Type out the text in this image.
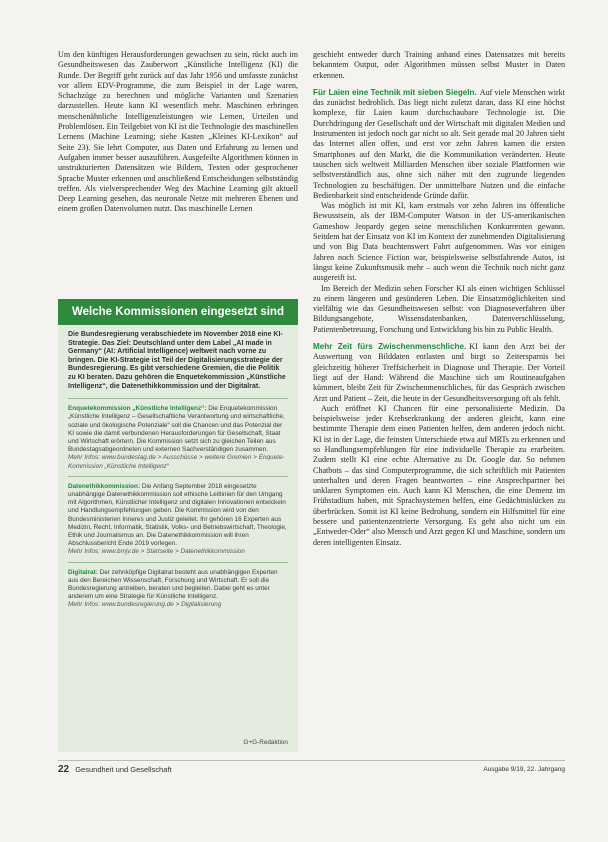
Um den künftigen Herausforderungen gewachsen zu sein, rückt auch im Gesundheitswesen das Zauberwort „Künstliche Intelligenz (KI) die Runde. Der Begriff geht zurück auf das Jahr 1956 und umfasste zunächst vor allem EDV-Programme, die zum Beispiel in der Lage waren, Schachzüge zu berechnen und mögliche Varianten und Szenarien darzustellen. Heute kann KI wesentlich mehr. Maschinen erbringen menschenähnliche Intelligenzleistungen wie Lernen, Urteilen und Problemlösen. Ein Teilgebiet von KI ist die Technologie des maschinellen Lernens (Machine Learning; siehe Kasten „Kleines KI-Lexikon“ auf Seite 23). Sie lehrt Computer, aus Daten und Erfahrung zu lernen und Aufgaben immer besser auszuführen. Ausgefeilte Algorithmen können in unstrukturierten Datensätzen wie Bildern, Texten oder gesprochener Sprache Muster erkennen und anschließend Entscheidungen selbstständig treffen. Als vielversprechender Weg des Machine Learning gilt aktuell Deep Learning gesehen, das neuronale Netze mit mehreren Ebenen und einem großen Datenvolumen nutzt. Das maschinelle Lernen

Welche Kommissionen eingesetzt sind
Die Bundesregierung verabschiedete im November 2018 eine KI-Strategie. Das Ziel: Deutschland unter dem Label „AI made in Germany“ (AI: Artificial Intelligence) weltweit nach vorne zu bringen. Die KI-Strategie ist Teil der Digitalisierungsstrategie der Bundesregierung. Es gibt verschiedene Gremien, die die Politik zu KI beraten. Dazu gehören die Enquetekommission „Künstliche Intelligenz“, die Datenethikkommission und der Digitalrat.
Enquetekommission „Künstliche Intelligenz“: Die Enquetekommission „Künstliche Intelligenz – Gesellschaftliche Verantwortung und wirtschaftliche, soziale und ökologische Potenziale“ soll die Chancen und das Potenzial der KI sowie die damit verbundenen Herausforderungen für Gesellschaft, Staat und Wirtschaft erörtern. Die Kommission setzt sich zu gleichen Teilen aus Bundestagsabgeordneten und externen Sachverständigen zusammen.
Mehr Infos: www.bundestag.de > Ausschüsse > weitere Gremien > Enquete-Kommission „Künstliche Intelligenz“
Datenethikkommission: Die Anfang September 2018 eingesetzte unabhängige Datenethikkommission soll ethische Leitlinien für den Umgang mit Algorithmen, Künstlicher Intelligenz und digitalen Innovationen entwickeln und Handlungsempfehlungen geben. Die Kommission wird von den Bundesministerien Inneres und Justiz geleitet. Ihr gehören 16 Experten aus Medizin, Recht, Informatik, Statistik, Volks- und Betriebswirtschaft, Theologie, Ethik und Journalismus an. Die Datenethikkommission will ihren Abschlussbericht Ende 2019 vorlegen.
Mehr Infos: www.bmjv.de > Startseite > Datenethikkommission
Digitalrat: Der zehnköpfige Digitalrat besteht aus unabhängigen Experten aus den Bereichen Wissenschaft, Forschung und Wirtschaft. Er soll die Bundesregierung antreiben, beraten und begleiten. Dabei geht es unter anderem um eine Strategie für Künstliche Intelligenz.
Mehr Infos: www.bundesregierung.de > Digitalisierung
G+G-Redaktion

geschieht entweder durch Training anhand eines Datensatzes mit bereits bekanntem Output, oder Algorithmen müssen selbst Muster in Daten erkennen.

Für Laien eine Technik mit sieben Siegeln. Auf viele Menschen wirkt das zunächst bedrohlich. Das liegt nicht zuletzt daran, dass KI eine höchst komplexe, für Laien kaum durchschaubare Technologie ist. Die Durchdringung der Gesellschaft und der Wirtschaft mit digitalen Medien und Instrumenten ist jedoch noch gar nicht so alt. Seit gerade mal 20 Jahren sieht das Internet allen offen, und erst vor zehn Jahren kamen die ersten Smartphones auf den Markt, die die Kommunikation veränderten. Heute tauschen sich weltweit Milliarden Menschen über soziale Plattformen wie selbstverständlich aus, ohne sich näher mit den zugrunde liegenden Technologien zu beschäftigen. Der unmittelbare Nutzen und die einfache Bedienbarkeit sind entscheidende Gründe dafür.

Was möglich ist mit KI, kam erstmals vor zehn Jahren ins öffentliche Bewusstsein, als der IBM-Computer Watson in der US-amerikanischen Gameshow Jeopardy gegen seine menschlichen Konkurrenten gewann. Seitdem hat der Einsatz von KI im Kontext der zunehmenden Digitalisierung und von Big Data beachtenswert Fahrt aufgenommen. Was vor einigen Jahren noch Science Fiction war, beispielsweise selbstfahrende Autos, ist längst keine Zukunftsmusik mehr – auch wenn die Technik noch nicht ganz ausgereift ist.

Im Bereich der Medizin sehen Forscher KI als einen wichtigen Schlüssel zu einem längeren und gesünderen Leben. Die Einsatzmöglichkeiten sind vielfältig wie das Gesundheitswesen selbst: von Diagnoseverfahren über Bildungsangebote, Wissensdatenbanken, Datenverschlüsselung, Patientenbetreuung, Forschung und Entwicklung bis hin zu Public Health.

Mehr Zeit fürs Zwischenmenschliche. KI kann den Arzt bei der Auswertung von Bilddaten entlasten und birgt so Zeitersparnis bei gleichzeitig höherer Treffsicherheit in Diagnose und Therapie. Der Vorteil liegt auf der Hand: Während die Maschine sich um Routineaufgaben kümmert, bleibt Zeit für Zwischenmenschliches, für das Gespräch zwischen Arzt und Patient – Zeit, die heute in der Gesundheitsversorgung oft als fehlt.

Auch eröffnet KI Chancen für eine personalisierte Medizin. Da beispielsweise jeder Krebserkrankung der anderen gleicht, kann eine bestimmte Therapie dem einen Patienten helfen, dem anderen jedoch nicht. KI ist in der Lage, die feinsten Unterschiede etwa auf MRTs zu erkennen und so Handlungsempfehlungen für eine individuelle Therapie zu erarbeiten. Zudem stellt KI eine echte Alternative zu Dr. Google dar. So nehmen Chatbots – das sind Computerprogramme, die sich schriftlich mit Patienten unterhalten und deren Fragen beantworten – eine Ansprechpartner bei unklaren Symptomen ein. Auch kann KI Menschen, die eine Demenz im Frühstadium haben, mit Sprachsystemen helfen, eine Gedächtnislücken zu überbrücken. Somit ist KI keine Bedrohung, sondern ein Hilfsmittel für eine bessere und patientenzentrierte Versorgung. Es geht also nicht um ein „Entweder-Oder“ also Mensch und Arzt gegen KI und Maschine, sondern um deren intelligenten Einsatz.

22 Gesundheit und Gesellschaft	Ausgabe 9/19, 22. Jahrgang
